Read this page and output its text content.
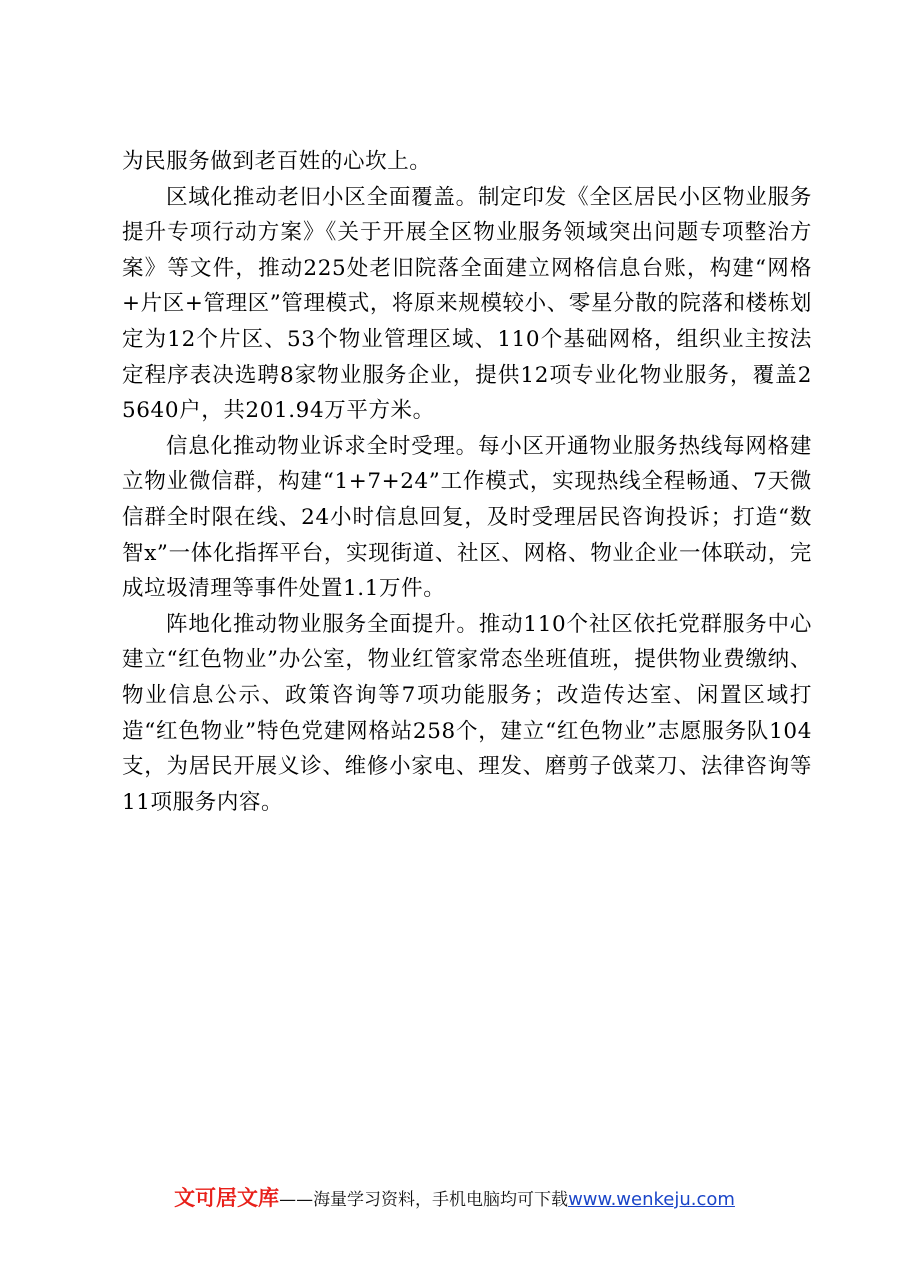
为民服务做到老百姓的心坎上。

区域化推动老旧小区全面覆盖。制定印发《全区居民小区物业服务提升专项行动方案》《关于开展全区物业服务领域突出问题专项整治方案》等文件，推动225处老旧院落全面建立网格信息台账，构建“网格+片区+管理区”管理模式，将原来规模较小、零星分散的院落和楼栋划定为12个片区、53个物业管理区域、110个基础网格，组织业主按法定程序表决选聘8家物业服务企业，提供12项专业化物业服务，覆盖25640户，共201.94万平方米。

信息化推动物业诉求全时受理。每小区开通物业服务热线每网格建立物业微信群，构建“1+7+24”工作模式，实现热线全程畅通、7天微信群全时限在线、24小时信息回复，及时受理居民咨询投诉；打造“数智x”一体化指挥平台，实现街道、社区、网格、物业企业一体联动，完成垃圾清理等事件处置1.1万件。

阵地化推动物业服务全面提升。推动110个社区依托党群服务中心建立“红色物业”办公室，物业红管家常态坐班值班，提供物业费缴纳、物业信息公示、政策咨询等7项功能服务；改造传达室、闲置区域打造“红色物业”特色党建网格站258个，建立“红色物业”志愿服务队104支，为居民开展义诊、维修小家电、理发、磨剪子戗菜刀、法律咨询等11项服务内容。

文可居文库——海量学习资料，手机电脑均可下载www.wenkeju.com
